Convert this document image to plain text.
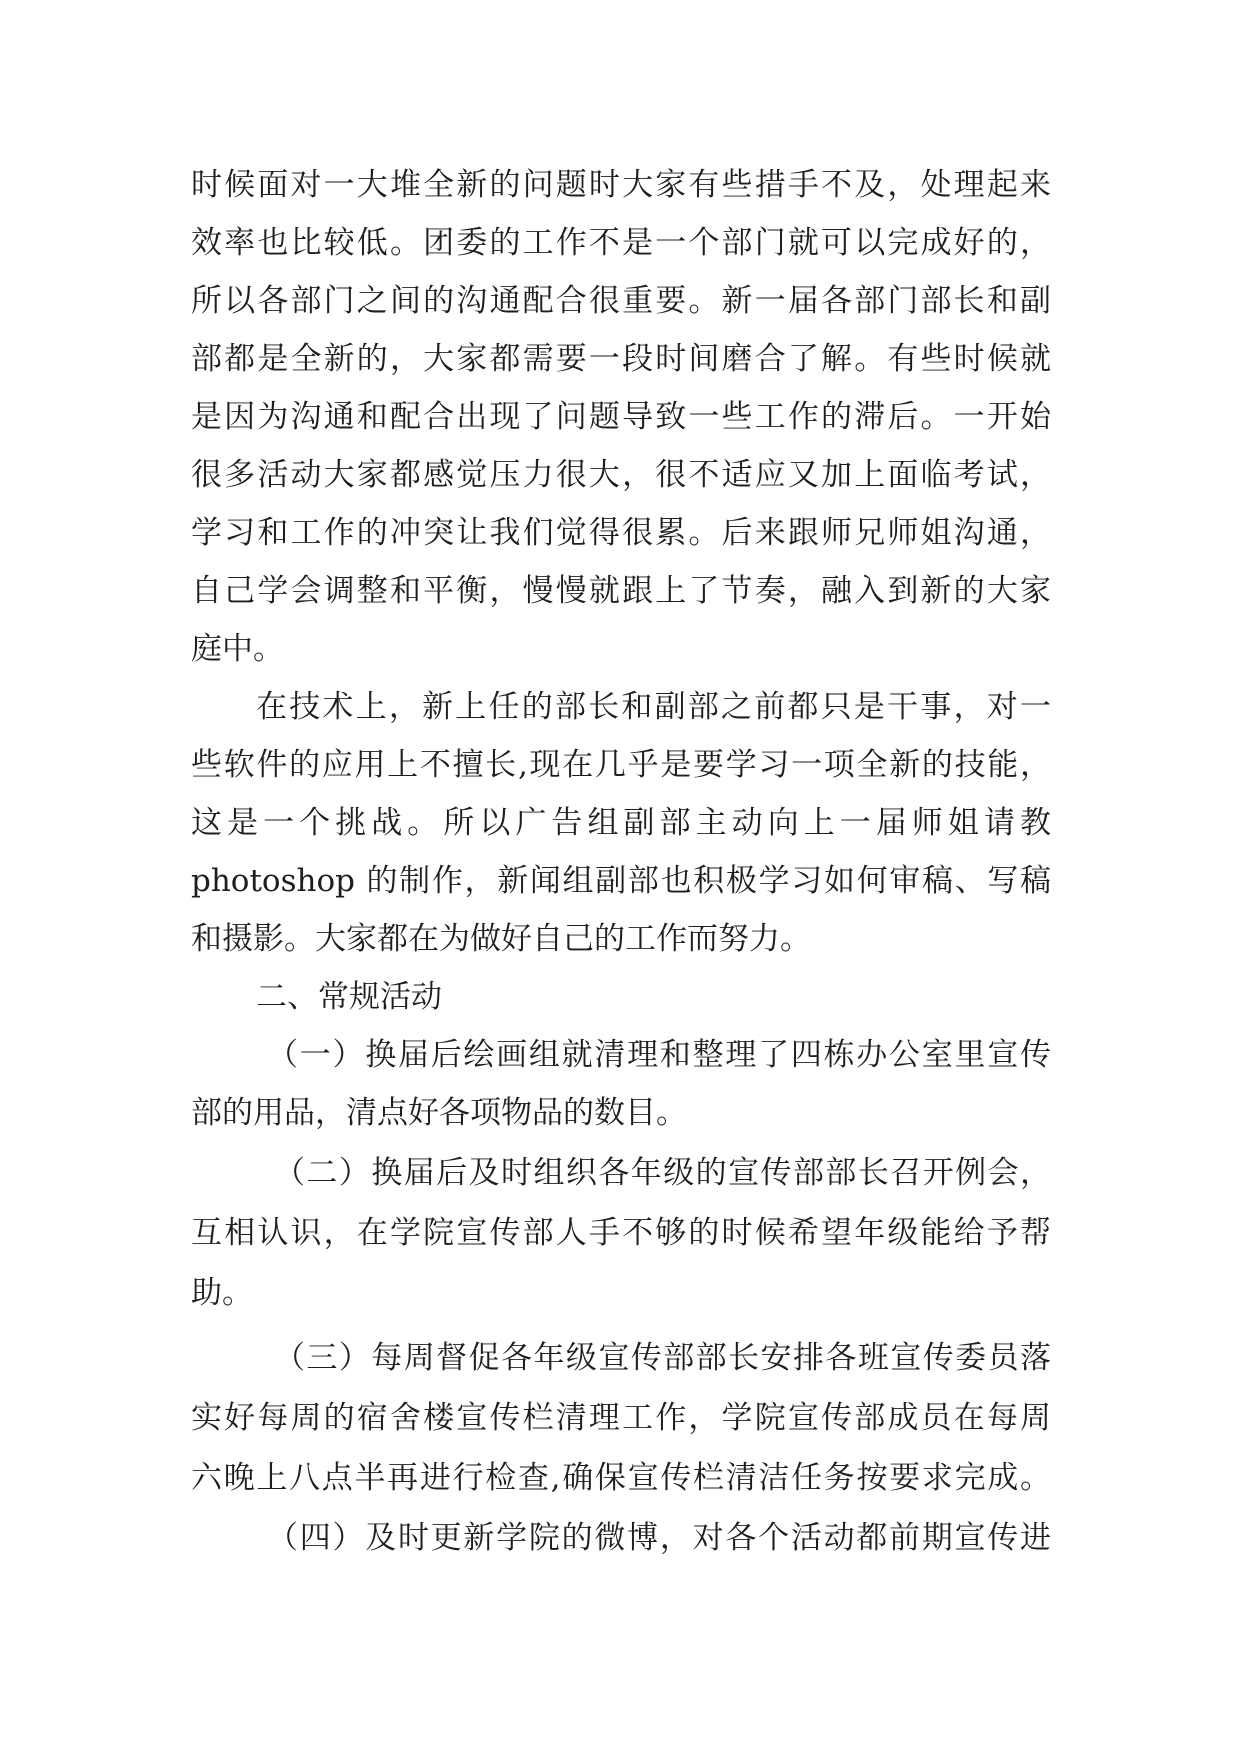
时候面对一大堆全新的问题时大家有些措手不及，处理起来
效率也比较低。团委的工作不是一个部门就可以完成好的，
所以各部门之间的沟通配合很重要。新一届各部门部长和副
部都是全新的，大家都需要一段时间磨合了解。有些时候就
是因为沟通和配合出现了问题导致一些工作的滞后。一开始
很多活动大家都感觉压力很大，很不适应又加上面临考试，
学习和工作的冲突让我们觉得很累。后来跟师兄师姐沟通，
自己学会调整和平衡，慢慢就跟上了节奏，融入到新的大家
庭中。
在技术上，新上任的部长和副部之前都只是干事，对一
些软件的应用上不擅长,现在几乎是要学习一项全新的技能，
这是一个挑战。所以广告组副部主动向上一届师姐请教
photoshop 的制作，新闻组副部也积极学习如何审稿、写稿
和摄影。大家都在为做好自己的工作而努力。
二、常规活动
（一）换届后绘画组就清理和整理了四栋办公室里宣传
部的用品，清点好各项物品的数目。
（二）换届后及时组织各年级的宣传部部长召开例会，
互相认识，在学院宣传部人手不够的时候希望年级能给予帮
助。
（三）每周督促各年级宣传部部长安排各班宣传委员落
实好每周的宿舍楼宣传栏清理工作，学院宣传部成员在每周
六晚上八点半再进行检查,确保宣传栏清洁任务按要求完成。
（四）及时更新学院的微博，对各个活动都前期宣传进
